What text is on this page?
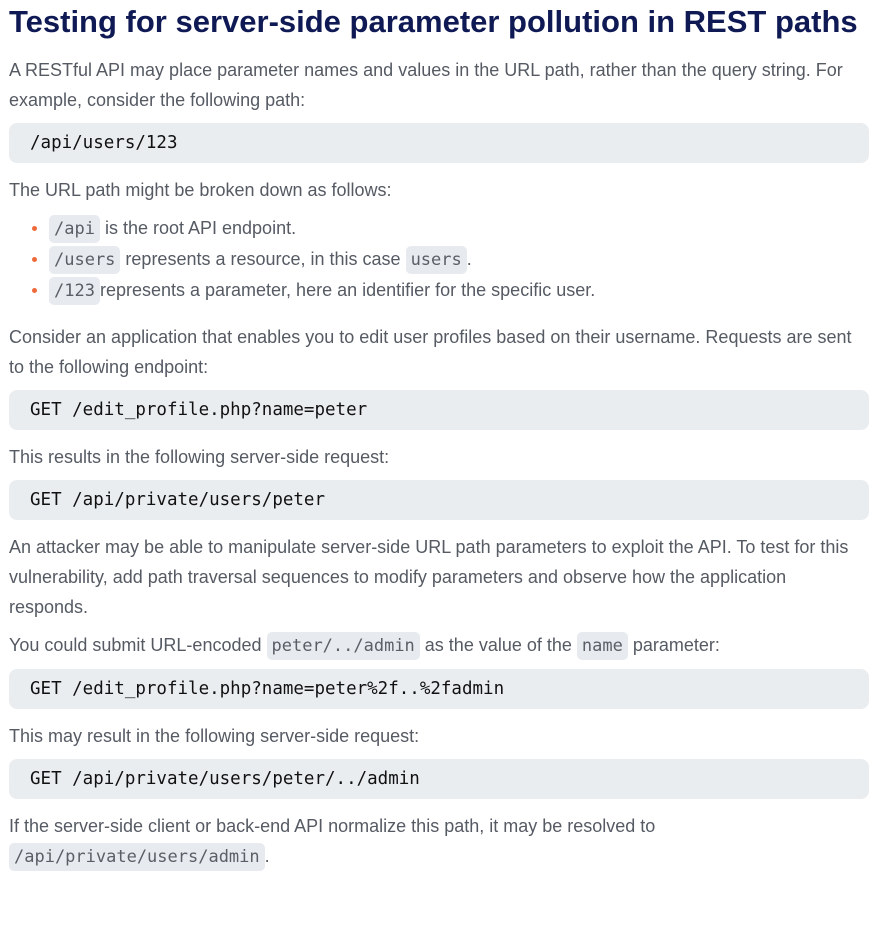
Testing for server-side parameter pollution in REST paths

A RESTful API may place parameter names and values in the URL path, rather than the query string. For example, consider the following path:

/api/users/123

The URL path might be broken down as follows:

/api is the root API endpoint.
/users represents a resource, in this case users .
/123 represents a parameter, here an identifier for the specific user.

Consider an application that enables you to edit user profiles based on their username. Requests are sent to the following endpoint:

GET /edit_profile.php?name=peter

This results in the following server-side request:

GET /api/private/users/peter

An attacker may be able to manipulate server-side URL path parameters to exploit the API. To test for this vulnerability, add path traversal sequences to modify parameters and observe how the application responds.

You could submit URL-encoded peter/../admin as the value of the name parameter:

GET /edit_profile.php?name=peter%2f..%2fadmin

This may result in the following server-side request:

GET /api/private/users/peter/../admin

If the server-side client or back-end API normalize this path, it may be resolved to /api/private/users/admin .
